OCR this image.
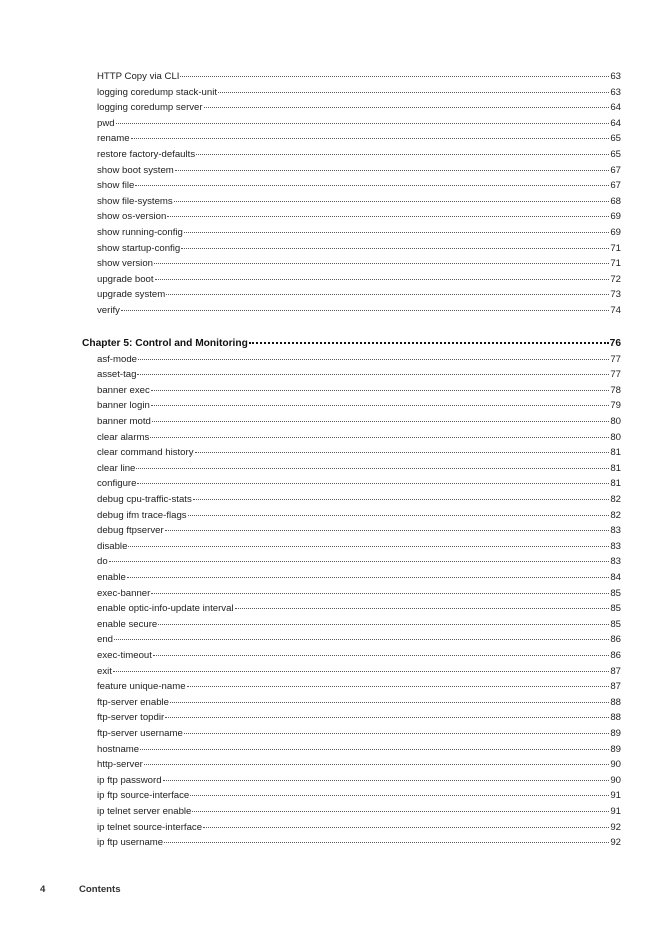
HTTP Copy via CLI	63
logging coredump stack-unit	63
logging coredump server	64
pwd	64
rename	65
restore factory-defaults	65
show boot system	67
show file	67
show file-systems	68
show os-version	69
show running-config	69
show startup-config	71
show version	71
upgrade boot	72
upgrade system	73
verify	74
Chapter 5: Control and Monitoring	76
asf-mode	77
asset-tag	77
banner exec	78
banner login	79
banner motd	80
clear alarms	80
clear command history	81
clear line	81
configure	81
debug cpu-traffic-stats	82
debug ifm trace-flags	82
debug ftpserver	83
disable	83
do	83
enable	84
exec-banner	85
enable optic-info-update interval	85
enable secure	85
end	86
exec-timeout	86
exit	87
feature unique-name	87
ftp-server enable	88
ftp-server topdir	88
ftp-server username	89
hostname	89
http-server	90
ip ftp password	90
ip ftp source-interface	91
ip telnet server enable	91
ip telnet source-interface	92
ip ftp username	92
4	Contents
